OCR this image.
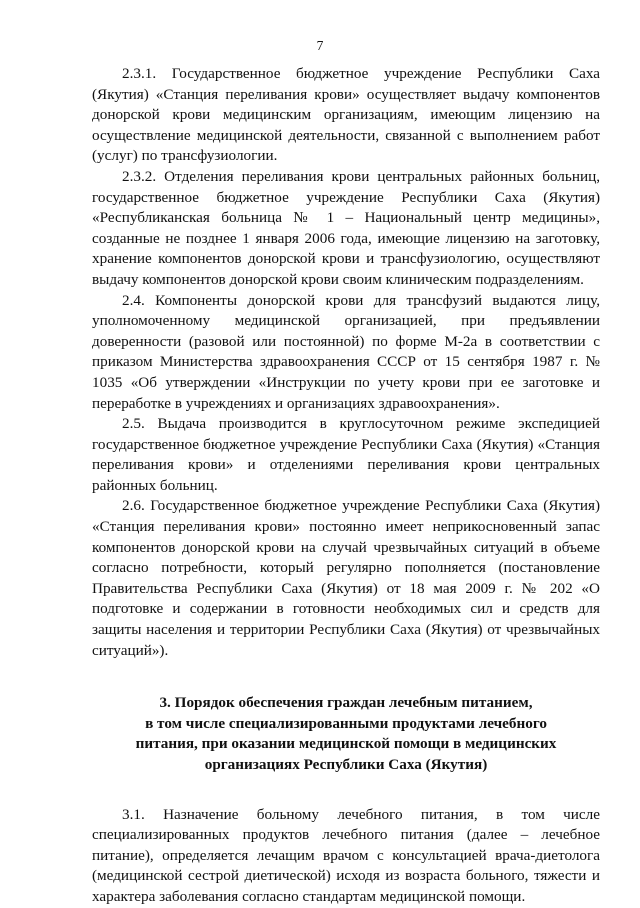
7

2.3.1. Государственное бюджетное учреждение Республики Саха (Якутия) «Станция переливания крови» осуществляет выдачу компонентов донорской крови медицинским организациям, имеющим лицензию на осуществление медицинской деятельности, связанной с выполнением работ (услуг) по трансфузиологии.

2.3.2. Отделения переливания крови центральных районных больниц, государственное бюджетное учреждение Республики Саха (Якутия) «Республиканская больница № 1 – Национальный центр медицины», созданные не позднее 1 января 2006 года, имеющие лицензию на заготовку, хранение компонентов донорской крови и трансфузиологию, осуществляют выдачу компонентов донорской крови своим клиническим подразделениям.

2.4. Компоненты донорской крови для трансфузий выдаются лицу, уполномоченному медицинской организацией, при предъявлении доверенности (разовой или постоянной) по форме М-2а в соответствии с приказом Министерства здравоохранения СССР от 15 сентября 1987 г. № 1035 «Об утверждении «Инструкции по учету крови при ее заготовке и переработке в учреждениях и организациях здравоохранения».

2.5. Выдача производится в круглосуточном режиме экспедицией государственное бюджетное учреждение Республики Саха (Якутия) «Станция переливания крови» и отделениями переливания крови центральных районных больниц.

2.6. Государственное бюджетное учреждение Республики Саха (Якутия) «Станция переливания крови» постоянно имеет неприкосновенный запас компонентов донорской крови на случай чрезвычайных ситуаций в объеме согласно потребности, который регулярно пополняется (постановление Правительства Республики Саха (Якутия) от 18 мая 2009 г. № 202 «О подготовке и содержании в готовности необходимых сил и средств для защиты населения и территории Республики Саха (Якутия) от чрезвычайных ситуаций»).

3. Порядок обеспечения граждан лечебным питанием,
в том числе специализированными продуктами лечебного
питания, при оказании медицинской помощи в медицинских
организациях Республики Саха (Якутия)

3.1. Назначение больному лечебного питания, в том числе специализированных продуктов лечебного питания (далее – лечебное питание), определяется лечащим врачом с консультацией врача-диетолога (медицинской сестрой диетической) исходя из возраста больного, тяжести и характера заболевания согласно стандартам медицинской помощи.
